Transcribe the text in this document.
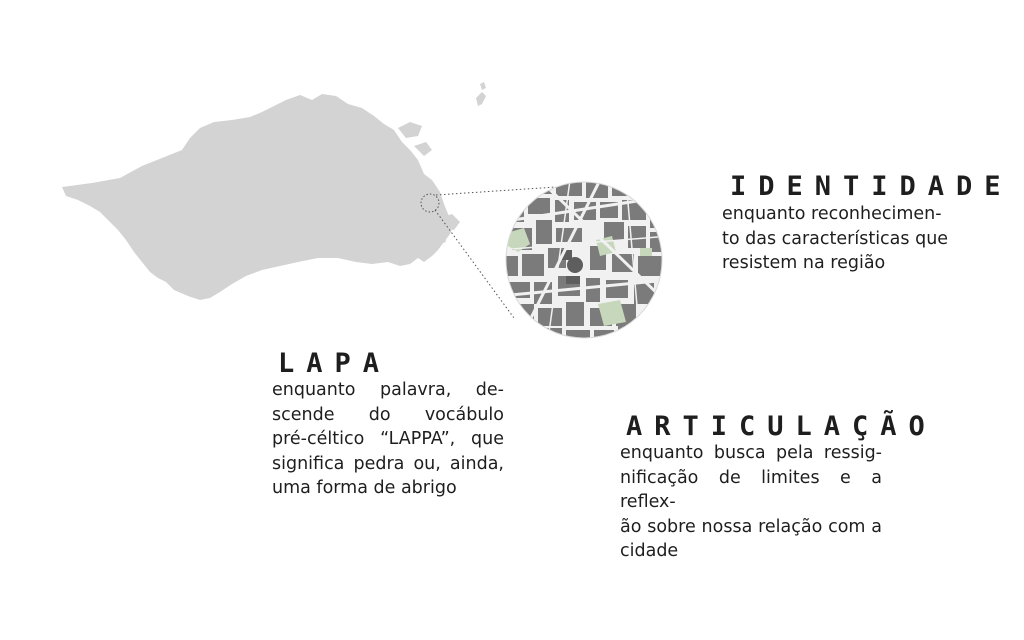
IDENTIDADE
enquanto reconhecimen-
to das características que
resistem na região
LAPA
enquanto palavra, de-
scende do vocábulo
pré-céltico “LAPPA”, que
significa pedra ou, ainda,
uma forma de abrigo
ARTICULAÇÃO
enquanto busca pela ressig-
nificação de limites e a reflex-
ão sobre nossa relação com a
cidade
